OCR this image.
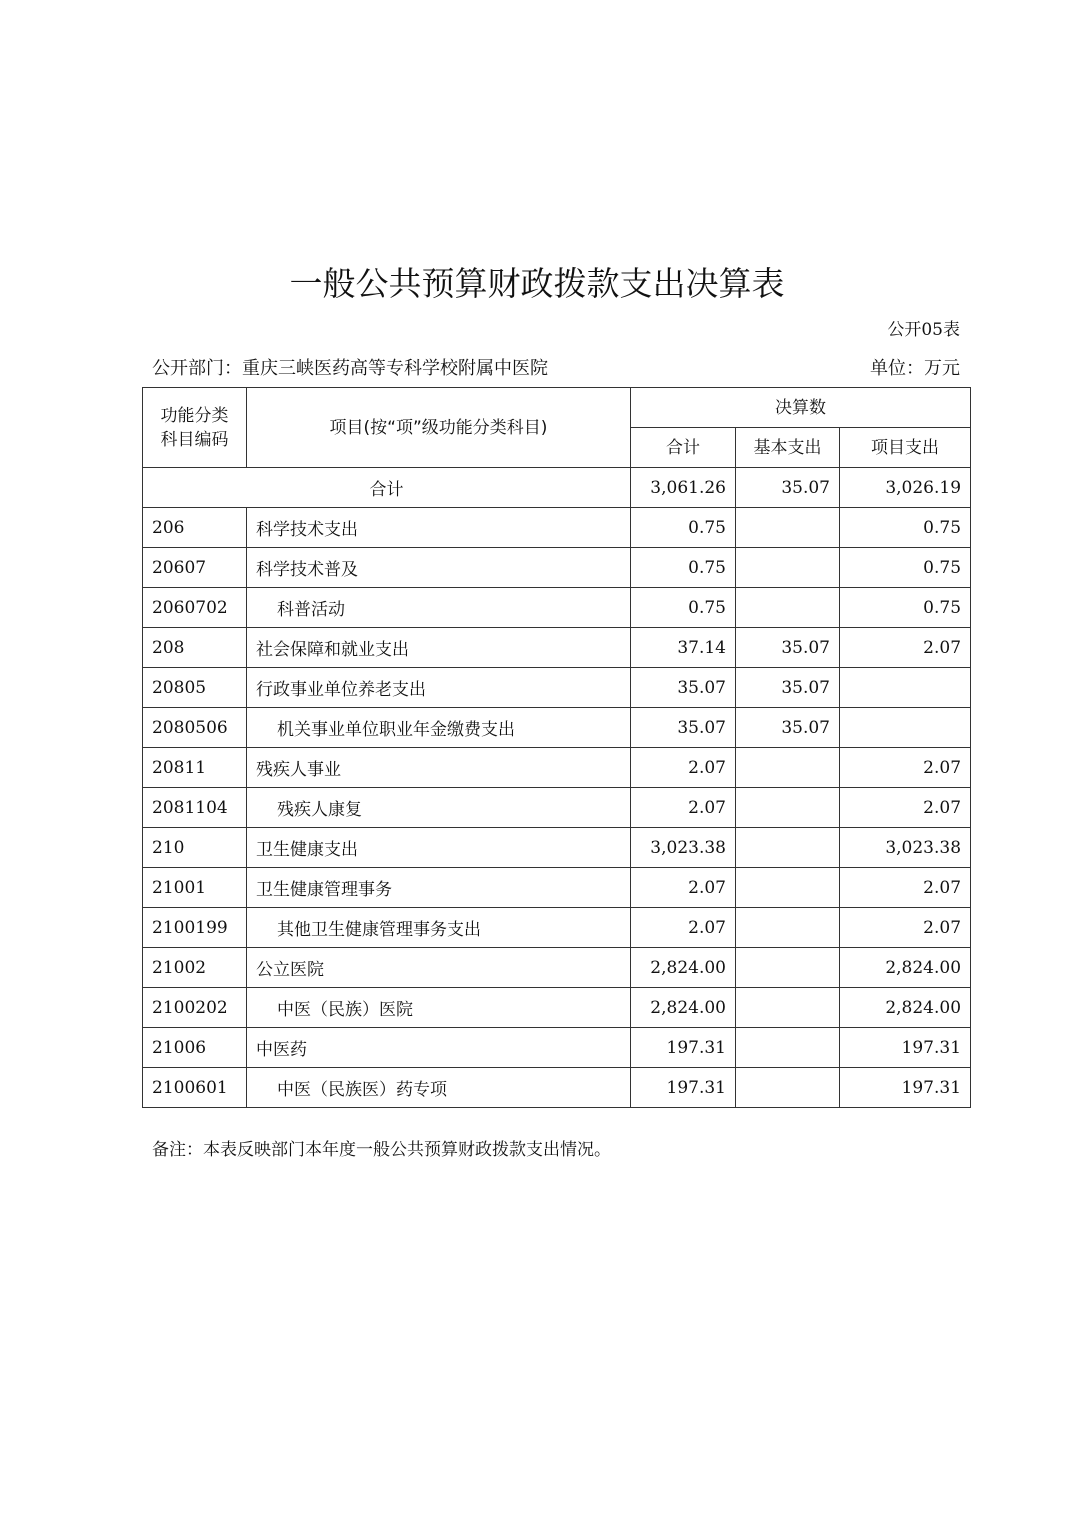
一般公共预算财政拨款支出决算表
公开05表
公开部门：重庆三峡医药高等专科学校附属中医院	单位：万元
功能分类科目编码	项目(按“项”级功能分类科目)	决算数		
		合计	基本支出	项目支出
合计		3,061.26	35.07	3,026.19
206	科学技术支出	0.75		0.75
20607	科学技术普及	0.75		0.75
2060702	科普活动	0.75		0.75
208	社会保障和就业支出	37.14	35.07	2.07
20805	行政事业单位养老支出	35.07	35.07	
2080506	机关事业单位职业年金缴费支出	35.07	35.07	
20811	残疾人事业	2.07		2.07
2081104	残疾人康复	2.07		2.07
210	卫生健康支出	3,023.38		3,023.38
21001	卫生健康管理事务	2.07		2.07
2100199	其他卫生健康管理事务支出	2.07		2.07
21002	公立医院	2,824.00		2,824.00
2100202	中医（民族）医院	2,824.00		2,824.00
21006	中医药	197.31		197.31
2100601	中医（民族医）药专项	197.31		197.31
备注：本表反映部门本年度一般公共预算财政拨款支出情况。
